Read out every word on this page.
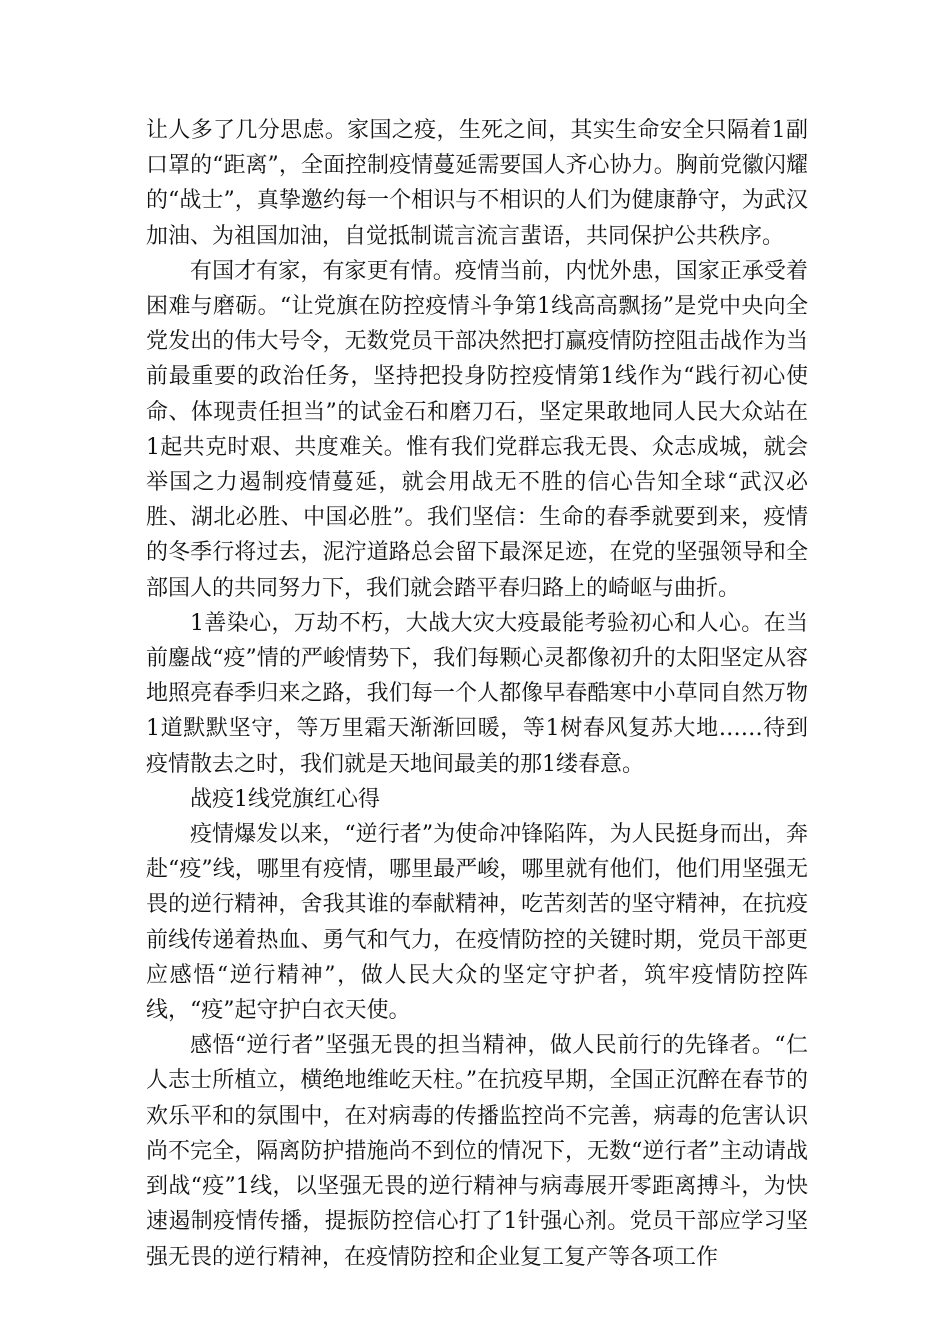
让人多了几分思虑。家国之疫，生死之间，其实生命安全只隔着1副口罩的“距离”，全面控制疫情蔓延需要国人齐心协力。胸前党徽闪耀的“战士”，真挚邀约每一个相识与不相识的人们为健康静守，为武汉加油、为祖国加油，自觉抵制谎言流言蜚语，共同保护公共秩序。

有国才有家，有家更有情。疫情当前，内忧外患，国家正承受着困难与磨砺。“让党旗在防控疫情斗争第1线高高飘扬”是党中央向全党发出的伟大号令，无数党员干部决然把打赢疫情防控阻击战作为当前最重要的政治任务，坚持把投身防控疫情第1线作为“践行初心使命、体现责任担当”的试金石和磨刀石，坚定果敢地同人民大众站在1起共克时艰、共度难关。惟有我们党群忘我无畏、众志成城，就会举国之力遏制疫情蔓延，就会用战无不胜的信心告知全球“武汉必胜、湖北必胜、中国必胜”。我们坚信：生命的春季就要到来，疫情的冬季行将过去，泥泞道路总会留下最深足迹，在党的坚强领导和全部国人的共同努力下，我们就会踏平春归路上的崎岖与曲折。

1善染心，万劫不朽，大战大灾大疫最能考验初心和人心。在当前鏖战“疫”情的严峻情势下，我们每颗心灵都像初升的太阳坚定从容地照亮春季归来之路，我们每一个人都像早春酷寒中小草同自然万物1道默默坚守，等万里霜天渐渐回暖，等1树春风复苏大地……待到疫情散去之时，我们就是天地间最美的那1缕春意。

战疫1线党旗红心得

疫情爆发以来，“逆行者”为使命冲锋陷阵，为人民挺身而出，奔赴“疫”线，哪里有疫情，哪里最严峻，哪里就有他们，他们用坚强无畏的逆行精神，舍我其谁的奉献精神，吃苦刻苦的坚守精神，在抗疫前线传递着热血、勇气和气力，在疫情防控的关键时期，党员干部更应感悟“逆行精神”，做人民大众的坚定守护者，筑牢疫情防控阵线，“疫”起守护白衣天使。

感悟“逆行者”坚强无畏的担当精神，做人民前行的先锋者。“仁人志士所植立，横绝地维屹天柱。”在抗疫早期，全国正沉醉在春节的欢乐平和的氛围中，在对病毒的传播监控尚不完善，病毒的危害认识尚不完全，隔离防护措施尚不到位的情况下，无数“逆行者”主动请战到战“疫”1线，以坚强无畏的逆行精神与病毒展开零距离搏斗，为快速遏制疫情传播，提振防控信心打了1针强心剂。党员干部应学习坚强无畏的逆行精神，在疫情防控和企业复工复产等各项工作
